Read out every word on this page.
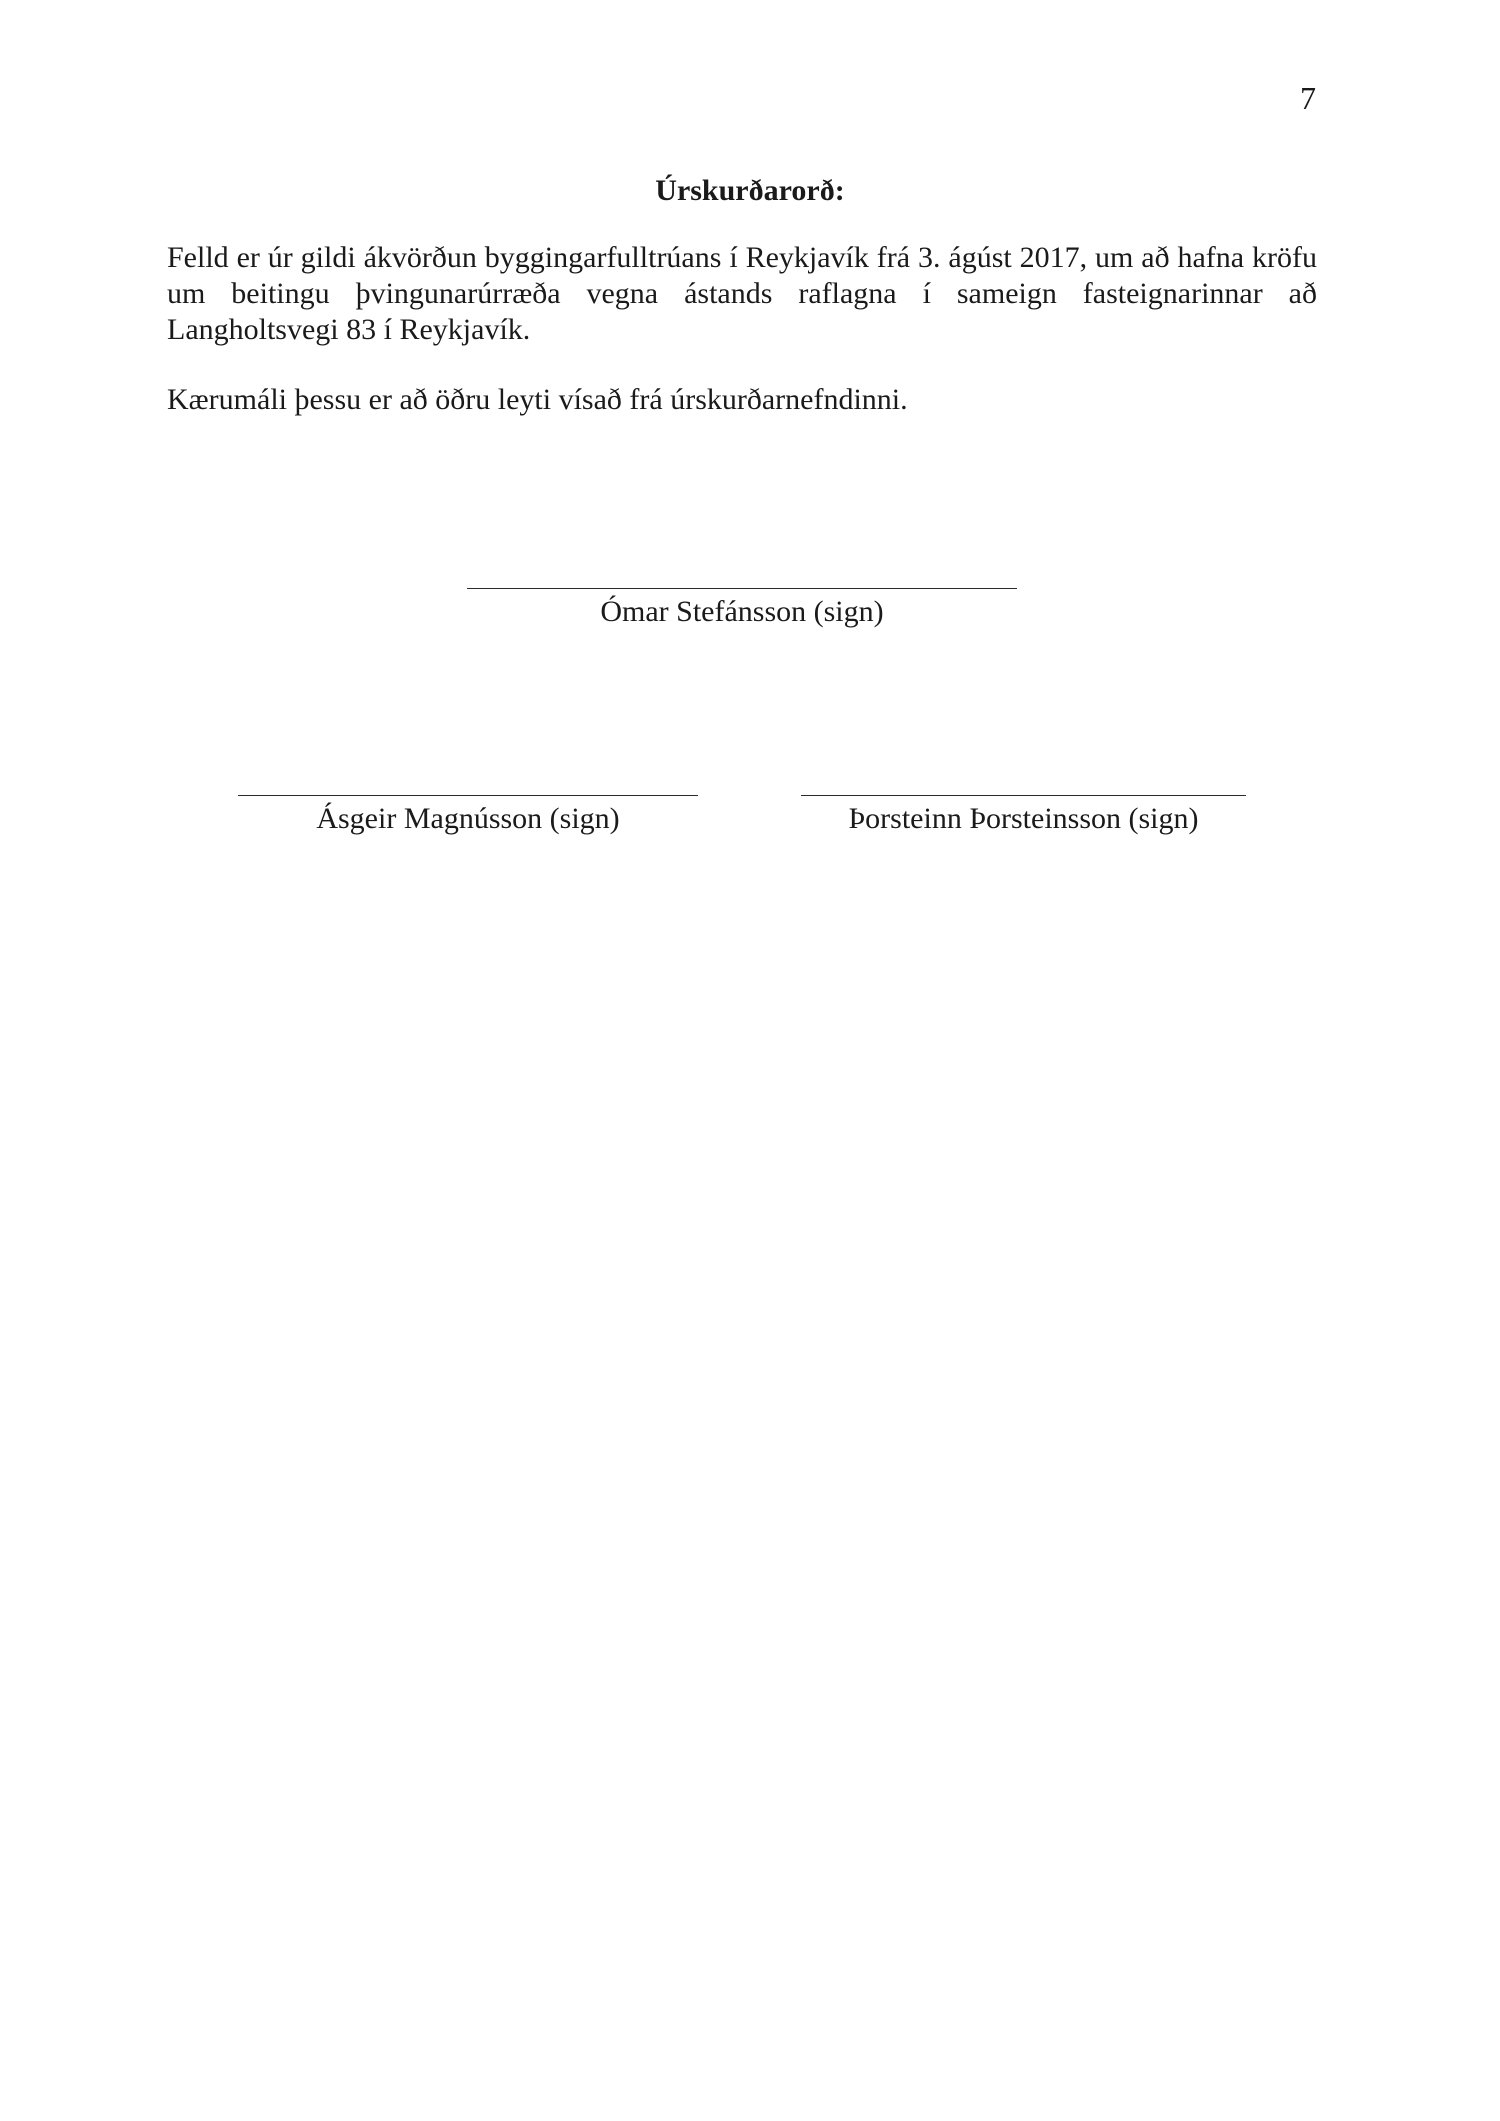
7
Úrskurðarorð:

Felld er úr gildi ákvörðun byggingarfulltrúans í Reykjavík frá 3. ágúst 2017, um að hafna kröfu um beitingu þvingunarúrræða vegna ástands raflagna í sameign fasteignarinnar að Langholtsvegi 83 í Reykjavík.

Kærumáli þessu er að öðru leyti vísað frá úrskurðarnefndinni.

Ómar Stefánsson (sign)
Ásgeir Magnússon (sign)	Þorsteinn Þorsteinsson (sign)
